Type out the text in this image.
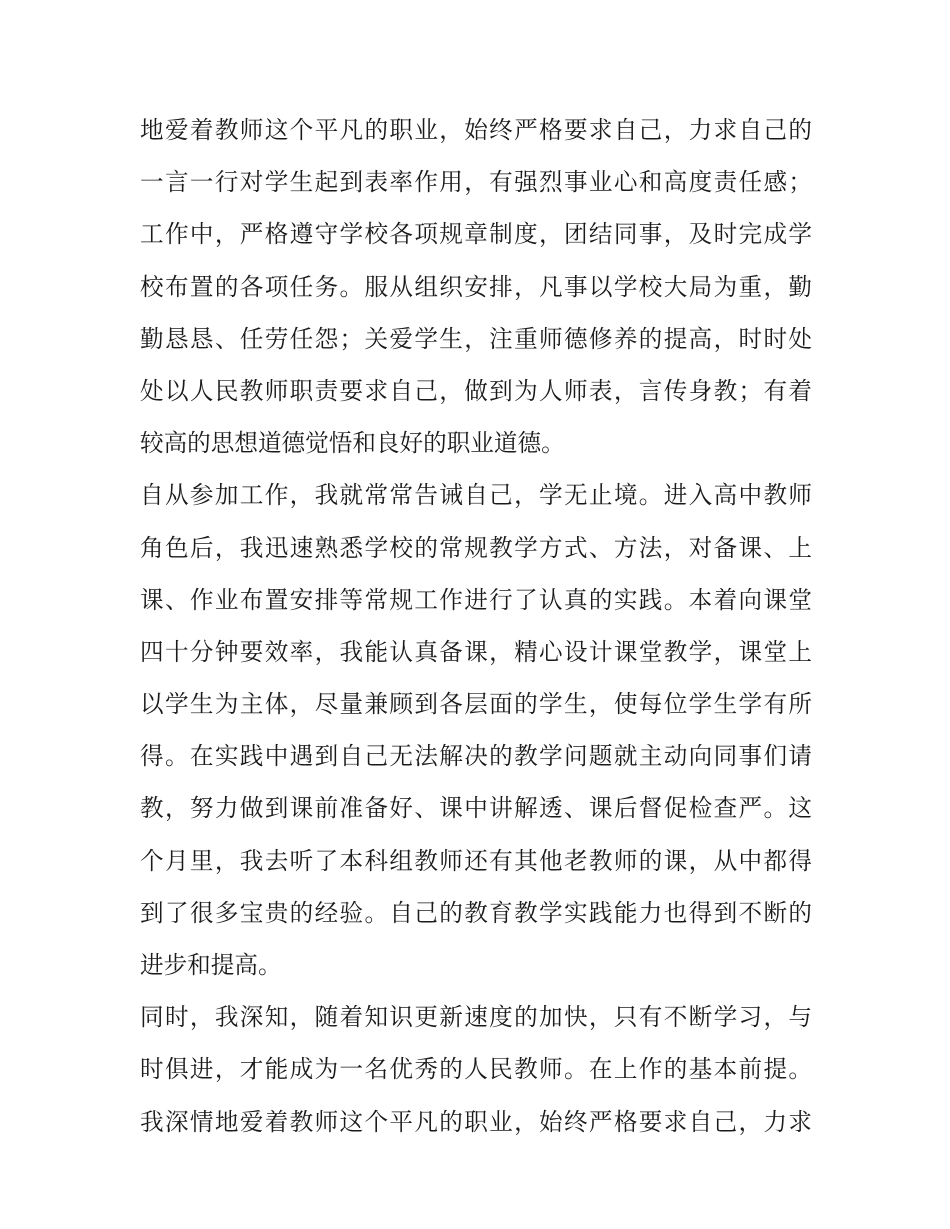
地爱着教师这个平凡的职业，始终严格要求自己，力求自己的
一言一行对学生起到表率作用，有强烈事业心和高度责任感；
工作中，严格遵守学校各项规章制度，团结同事，及时完成学
校布置的各项任务。服从组织安排，凡事以学校大局为重，勤
勤恳恳、任劳任怨；关爱学生，注重师德修养的提高，时时处
处以人民教师职责要求自己，做到为人师表，言传身教；有着
较高的思想道德觉悟和良好的职业道德。
自从参加工作，我就常常告诫自己，学无止境。进入高中教师
角色后，我迅速熟悉学校的常规教学方式、方法，对备课、上
课、作业布置安排等常规工作进行了认真的实践。本着向课堂
四十分钟要效率，我能认真备课，精心设计课堂教学，课堂上
以学生为主体，尽量兼顾到各层面的学生，使每位学生学有所
得。在实践中遇到自己无法解决的教学问题就主动向同事们请
教，努力做到课前准备好、课中讲解透、课后督促检查严。这
个月里，我去听了本科组教师还有其他老教师的课，从中都得
到了很多宝贵的经验。自己的教育教学实践能力也得到不断的
进步和提高。
同时，我深知，随着知识更新速度的加快，只有不断学习，与
时俱进，才能成为一名优秀的人民教师。在上作的基本前提。
我深情地爱着教师这个平凡的职业，始终严格要求自己，力求
